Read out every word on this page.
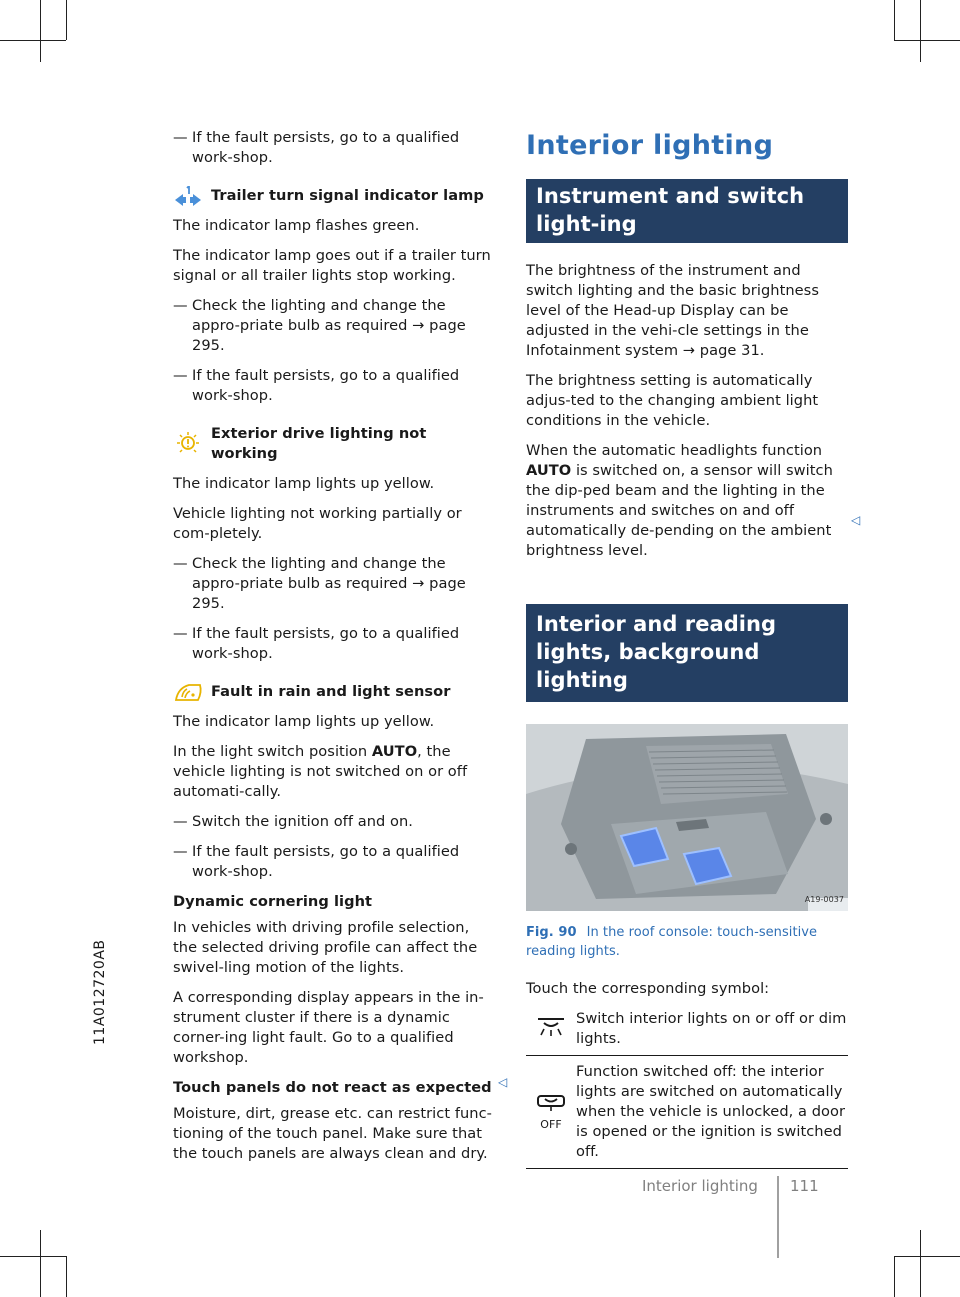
11A012720AB
— If the fault persists, go to a qualified work-shop.
Trailer turn signal indicator lamp

The indicator lamp flashes green.

The indicator lamp goes out if a trailer turn signal or all trailer lights stop working.

— Check the lighting and change the appro-priate bulb as required → page 295.
— If the fault persists, go to a qualified work-shop.
Exterior drive lighting not working

The indicator lamp lights up yellow.

Vehicle lighting not working partially or com-pletely.

— Check the lighting and change the appro-priate bulb as required → page 295.
— If the fault persists, go to a qualified work-shop.
Fault in rain and light sensor

The indicator lamp lights up yellow.

In the light switch position AUTO, the vehicle lighting is not switched on or off automati-cally.

— Switch the ignition off and on.
— If the fault persists, go to a qualified work-shop.
Dynamic cornering light

In vehicles with driving profile selection, the selected driving profile can affect the swivel-ling motion of the lights.

A corresponding display appears in the in-strument cluster if there is a dynamic corner-ing light fault. Go to a qualified workshop.

Touch panels do not react as expected

Moisture, dirt, grease etc. can restrict func-tioning of the touch panel. Make sure that the touch panels are always clean and dry.

◁
Interior lighting
Instrument and switch light-ing

The brightness of the instrument and switch lighting and the basic brightness level of the Head-up Display can be adjusted in the vehi-cle settings in the Infotainment system → page 31.

The brightness setting is automatically adjus-ted to the changing ambient light conditions in the vehicle.

When the automatic headlights function AUTO is switched on, a sensor will switch the dip-ped beam and the lighting in the instruments and switches on and off automatically de-pending on the ambient brightness level.

Interior and reading lights, background lighting
A19-0037
Fig. 90 In the roof console: touch-sensitive reading lights.

Touch the corresponding symbol:

	Switch interior lights on or off or dim lights.

OFF	Function switched off: the interior lights are switched on automatically when the vehicle is unlocked, a door is opened or the ignition is switched off.
◁
Interior lighting 111
